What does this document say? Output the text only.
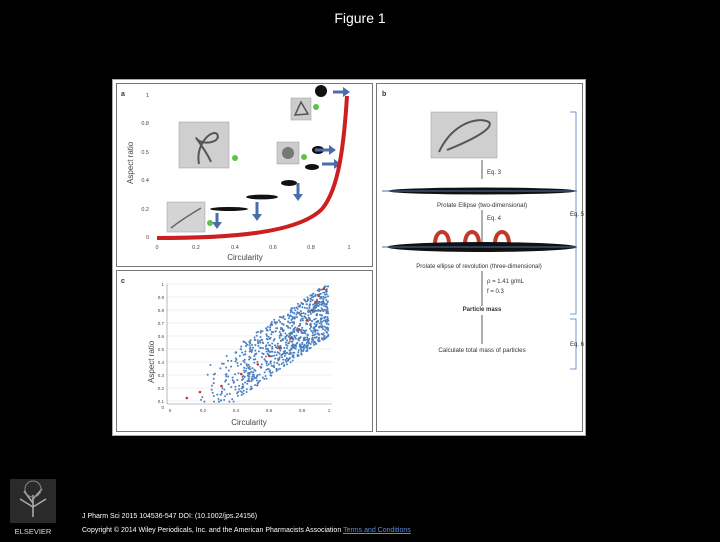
Figure 1
a
Aspect ratio
Circularity
1
0.8
0.5
0.4
0.2
0
0	0.2	0.4	0.6	0.8	1
c
Aspect ratio
Circularity
1
0.9
0.8
0.7
0.6
0.5
0.4
0.3
0.2
0.1
0
0	0.2	0.4	0.6	0.8	1
b
Eq. 3
Prolate Ellipse (two-dimensional)
Eq. 4
Prolate ellipse of revolution (three-dimensional)
ρ = 1.41 g/mL
f = 0.3
Particle mass
Calculate total mass of particles
Eq. 5
Eq. 6
ELSEVIER
J Pharm Sci 2015 104536-547 DOI: (10.1002/jps.24156)
Copyright © 2014 Wiley Periodicals, Inc. and the American Pharmacists Association Terms and Conditions
